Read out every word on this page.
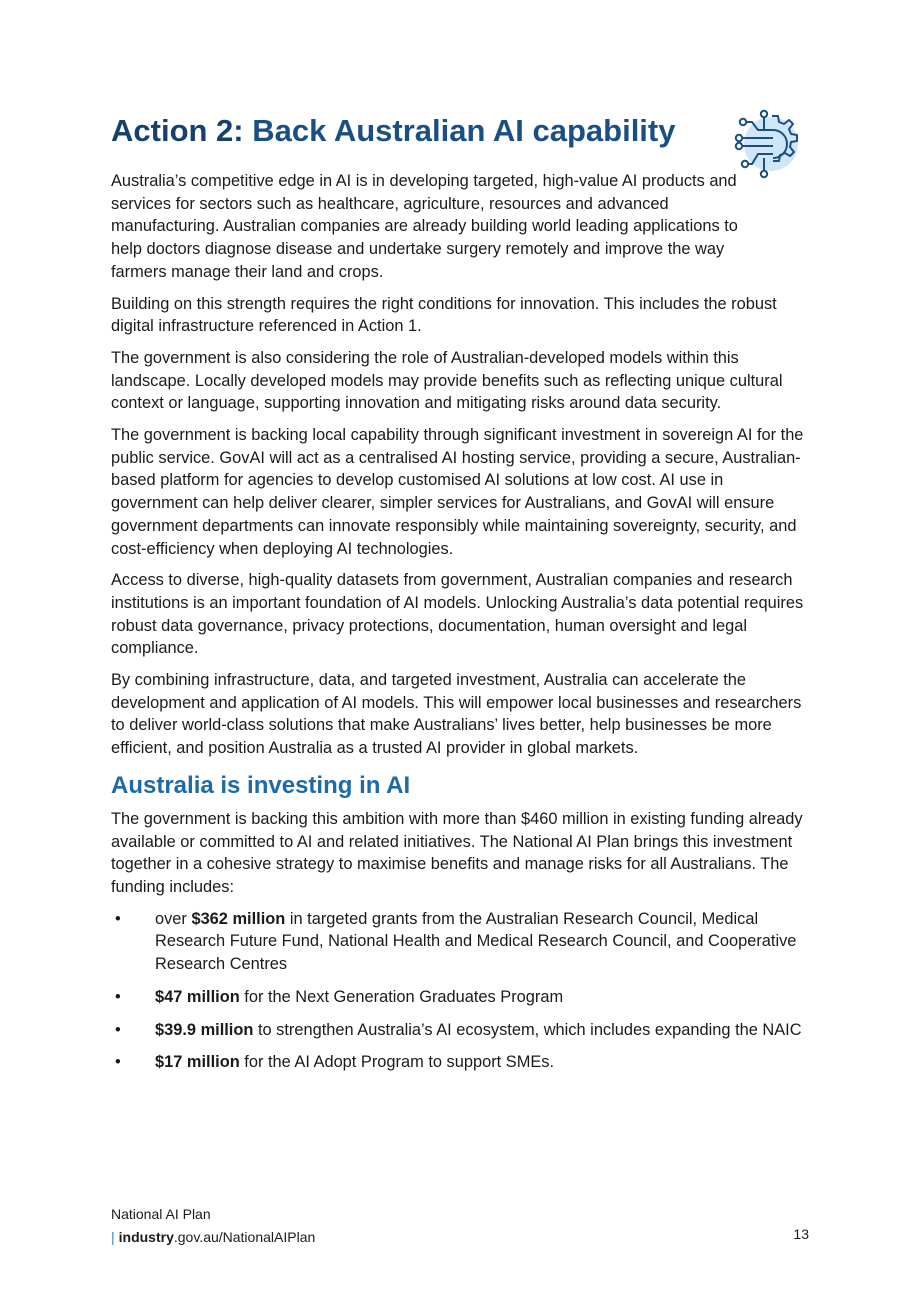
Action 2: Back Australian AI capability

Australia’s competitive edge in AI is in developing targeted, high-value AI products and services for sectors such as healthcare, agriculture, resources and advanced manufacturing. Australian companies are already building world leading applications to help doctors diagnose disease and undertake surgery remotely and improve the way farmers manage their land and crops.

Building on this strength requires the right conditions for innovation. This includes the robust digital infrastructure referenced in Action 1.

The government is also considering the role of Australian-developed models within this landscape. Locally developed models may provide benefits such as reflecting unique cultural context or language, supporting innovation and mitigating risks around data security.

The government is backing local capability through significant investment in sovereign AI for the public service. GovAI will act as a centralised AI hosting service, providing a secure, Australian-based platform for agencies to develop customised AI solutions at low cost. AI use in government can help deliver clearer, simpler services for Australians, and GovAI will ensure government departments can innovate responsibly while maintaining sovereignty, security, and cost-efficiency when deploying AI technologies.

Access to diverse, high-quality datasets from government, Australian companies and research institutions is an important foundation of AI models. Unlocking Australia’s data potential requires robust data governance, privacy protections, documentation, human oversight and legal compliance.

By combining infrastructure, data, and targeted investment, Australia can accelerate the development and application of AI models. This will empower local businesses and researchers to deliver world-class solutions that make Australians’ lives better, help businesses be more efficient, and position Australia as a trusted AI provider in global markets.

Australia is investing in AI

The government is backing this ambition with more than $460 million in existing funding already available or committed to AI and related initiatives. The National AI Plan brings this investment together in a cohesive strategy to maximise benefits and manage risks for all Australians. The funding includes:

• over $362 million in targeted grants from the Australian Research Council, Medical Research Future Fund, National Health and Medical Research Council, and Cooperative Research Centres
• $47 million for the Next Generation Graduates Program
• $39.9 million to strengthen Australia’s AI ecosystem, which includes expanding the NAIC
• $17 million for the AI Adopt Program to support SMEs.
National AI Plan
| industry.gov.au/NationalAIPlan	13
